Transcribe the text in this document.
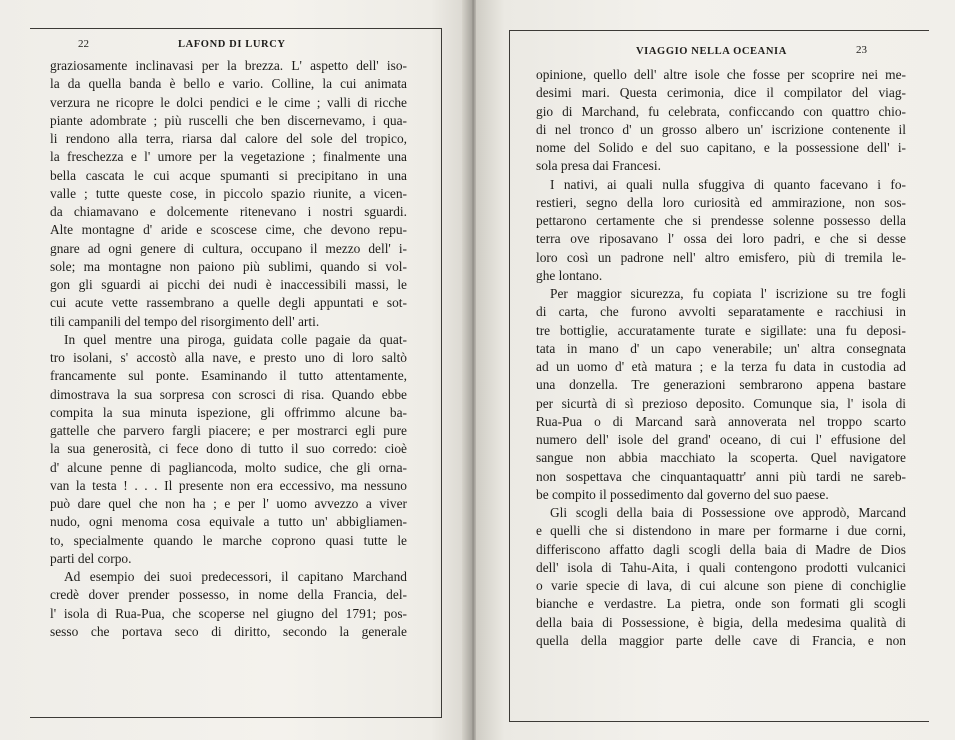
22	LAFOND DI LURCY
graziosamente inclinavasi per la brezza. L' aspetto dell' iso-
la da quella banda è bello e vario. Colline, la cui animata
verzura ne ricopre le dolci pendici e le cime ; valli di ricche
piante adombrate ; più ruscelli che ben discernevamo, i qua-
li rendono alla terra, riarsa dal calore del sole del tropico,
la freschezza e l' umore per la vegetazione ; finalmente una
bella cascata le cui acque spumanti si precipitano in una
valle ; tutte queste cose, in piccolo spazio riunite, a vicen-
da chiamavano e dolcemente ritenevano i nostri sguardi.
Alte montagne d' aride e scoscese cime, che devono repu-
gnare ad ogni genere di cultura, occupano il mezzo dell' i-
sole; ma montagne non paiono più sublimi, quando si vol-
gon gli sguardi ai picchi dei nudi è inaccessibili massi, le
cui acute vette rassembrano a quelle degli appuntati e sot-
tili campanili del tempo del risorgimento dell' arti.
In quel mentre una piroga, guidata colle pagaie da quat-
tro isolani, s' accostò alla nave, e presto uno di loro saltò
francamente sul ponte. Esaminando il tutto attentamente,
dimostrava la sua sorpresa con scrosci di risa. Quando ebbe
compita la sua minuta ispezione, gli offrimmo alcune ba-
gattelle che parvero fargli piacere; e per mostrarci egli pure
la sua generosità, ci fece dono di tutto il suo corredo: cioè
d' alcune penne di pagliancoda, molto sudice, che gli orna-
van la testa ! . . . Il presente non era eccessivo, ma nessuno
può dare quel che non ha ; e per l' uomo avvezzo a viver
nudo, ogni menoma cosa equivale a tutto un' abbigliamen-
to, specialmente quando le marche coprono quasi tutte le
parti del corpo.
Ad esempio dei suoi predecessori, il capitano Marchand
credè dover prender possesso, in nome della Francia, del-
l' isola di Rua-Pua, che scoperse nel giugno del 1791; pos-
sesso che portava seco di diritto, secondo la generale
VIAGGIO NELLA OCEANIA	23
opinione, quello dell' altre isole che fosse per scoprire nei me-
desimi mari. Questa cerimonia, dice il compilator del viag-
gio di Marchand, fu celebrata, conficcando con quattro chio-
di nel tronco d' un grosso albero un' iscrizione contenente il
nome del Solido e del suo capitano, e la possessione dell' i-
sola presa dai Francesi.
I nativi, ai quali nulla sfuggiva di quanto facevano i fo-
restieri, segno della loro curiosità ed ammirazione, non sos-
pettarono certamente che si prendesse solenne possesso della
terra ove riposavano l' ossa dei loro padri, e che si desse
loro così un padrone nell' altro emisfero, più di tremila le-
ghe lontano.
Per maggior sicurezza, fu copiata l' iscrizione su tre fogli
di carta, che furono avvolti separatamente e racchiusi in
tre bottiglie, accuratamente turate e sigillate: una fu deposi-
tata in mano d' un capo venerabile; un' altra consegnata
ad un uomo d' età matura ; e la terza fu data in custodia ad
una donzella. Tre generazioni sembrarono appena bastare
per sicurtà di sì prezioso deposito. Comunque sia, l' isola di
Rua-Pua o di Marcand sarà annoverata nel troppo scarto
numero dell' isole del grand' oceano, di cui l' effusione del
sangue non abbia macchiato la scoperta. Quel navigatore
non sospettava che cinquantaquattr' anni più tardi ne sareb-
be compito il possedimento dal governo del suo paese.
Gli scogli della baia di Possessione ove approdò, Marcand
e quelli che si distendono in mare per formarne i due corni,
differiscono affatto dagli scogli della baia di Madre de Dios
dell' isola di Tahu-Aita, i quali contengono prodotti vulcanici
o varie specie di lava, di cui alcune son piene di conchiglie
bianche e verdastre. La pietra, onde son formati gli scogli
della baia di Possessione, è bigia, della medesima qualità di
quella della maggior parte delle cave di Francia, e non
